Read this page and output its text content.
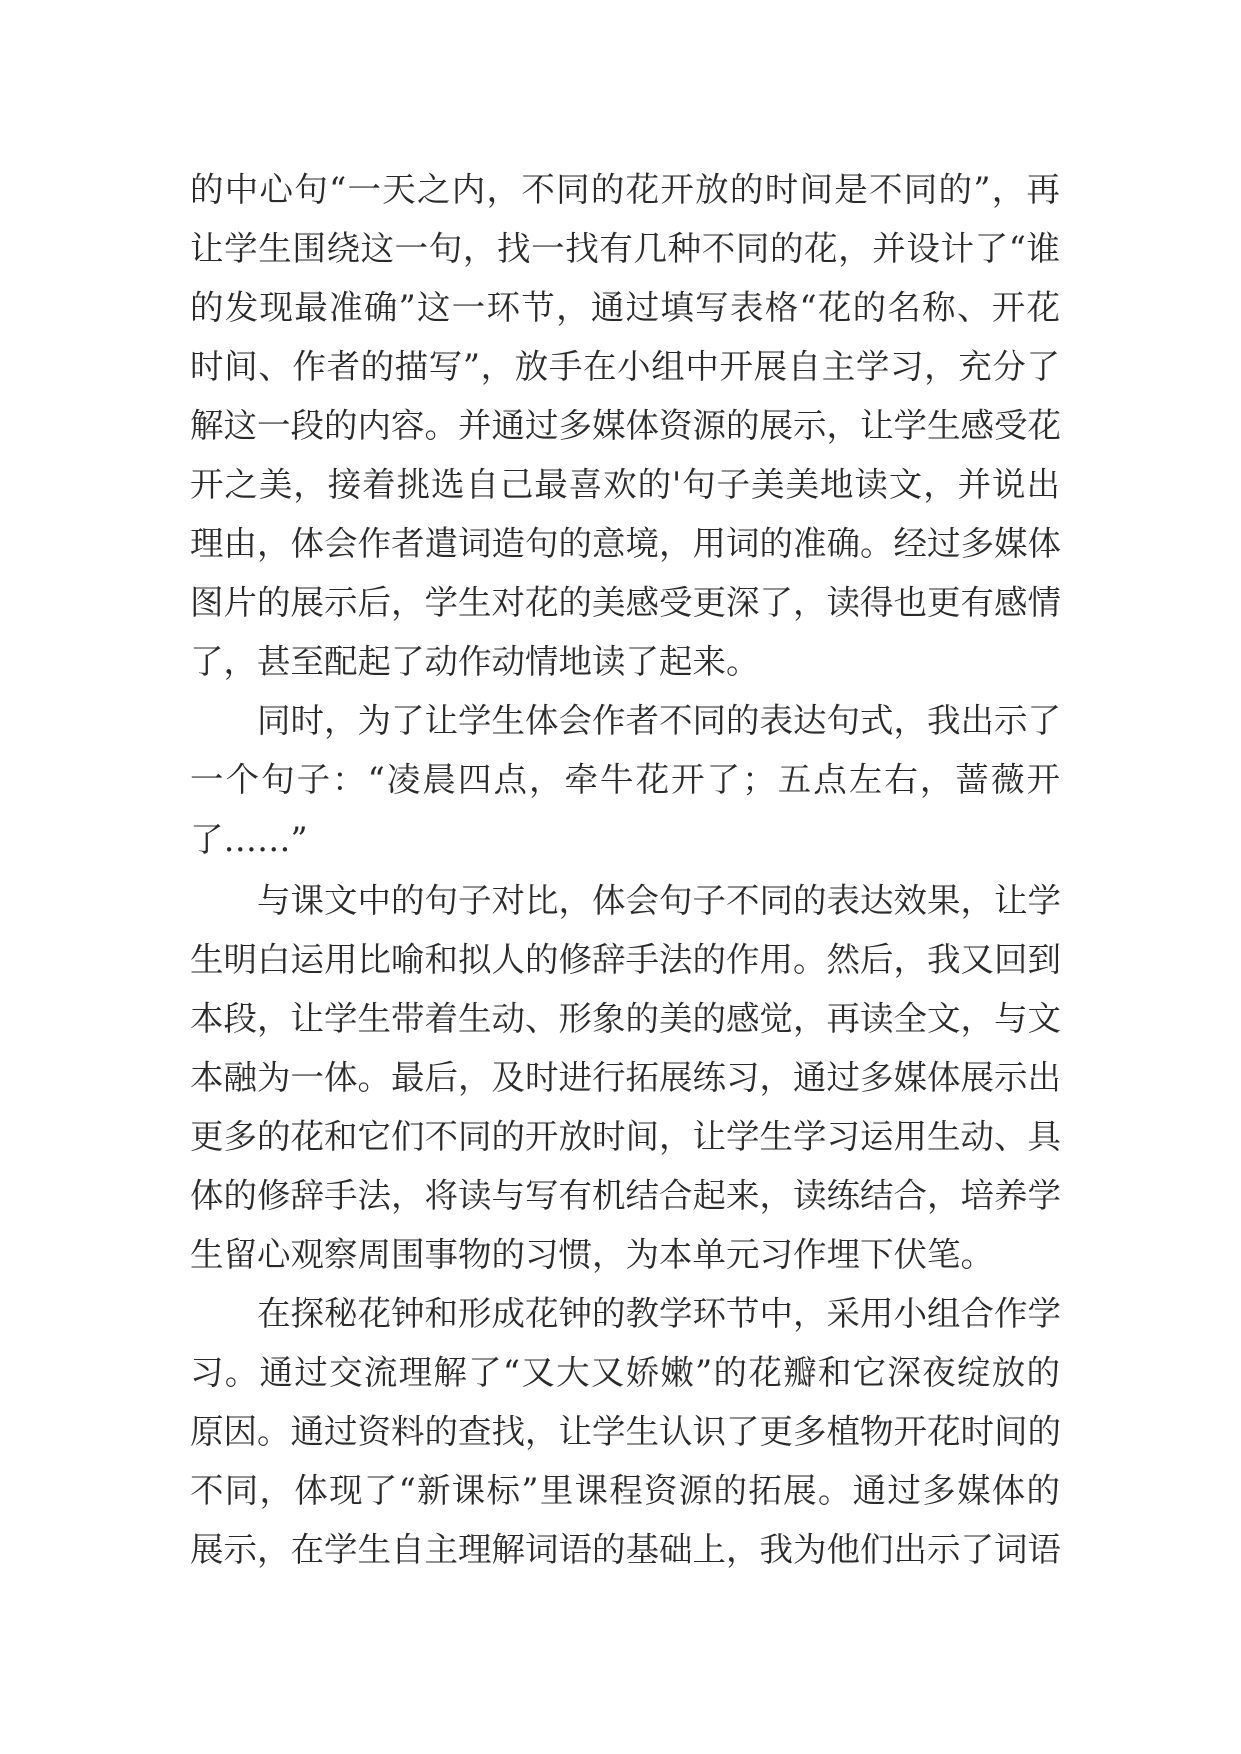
的中心句“一天之内，不同的花开放的时间是不同的”，再
让学生围绕这一句，找一找有几种不同的花，并设计了“谁
的发现最准确”这一环节，通过填写表格“花的名称、开花
时间、作者的描写”，放手在小组中开展自主学习，充分了
解这一段的内容。并通过多媒体资源的展示，让学生感受花
开之美，接着挑选自己最喜欢的'句子美美地读文，并说出
理由，体会作者遣词造句的意境，用词的准确。经过多媒体
图片的展示后，学生对花的美感受更深了，读得也更有感情
了，甚至配起了动作动情地读了起来。
同时，为了让学生体会作者不同的表达句式，我出示了
一个句子：“凌晨四点，牵牛花开了；五点左右，蔷薇开
了……”
与课文中的句子对比，体会句子不同的表达效果，让学
生明白运用比喻和拟人的修辞手法的作用。然后，我又回到
本段，让学生带着生动、形象的美的感觉，再读全文，与文
本融为一体。最后，及时进行拓展练习，通过多媒体展示出
更多的花和它们不同的开放时间，让学生学习运用生动、具
体的修辞手法，将读与写有机结合起来，读练结合，培养学
生留心观察周围事物的习惯，为本单元习作埋下伏笔。
在探秘花钟和形成花钟的教学环节中，采用小组合作学
习。通过交流理解了“又大又娇嫩”的花瓣和它深夜绽放的
原因。通过资料的查找，让学生认识了更多植物开花时间的
不同，体现了“新课标”里课程资源的拓展。通过多媒体的
展示，在学生自主理解词语的基础上，我为他们出示了词语
